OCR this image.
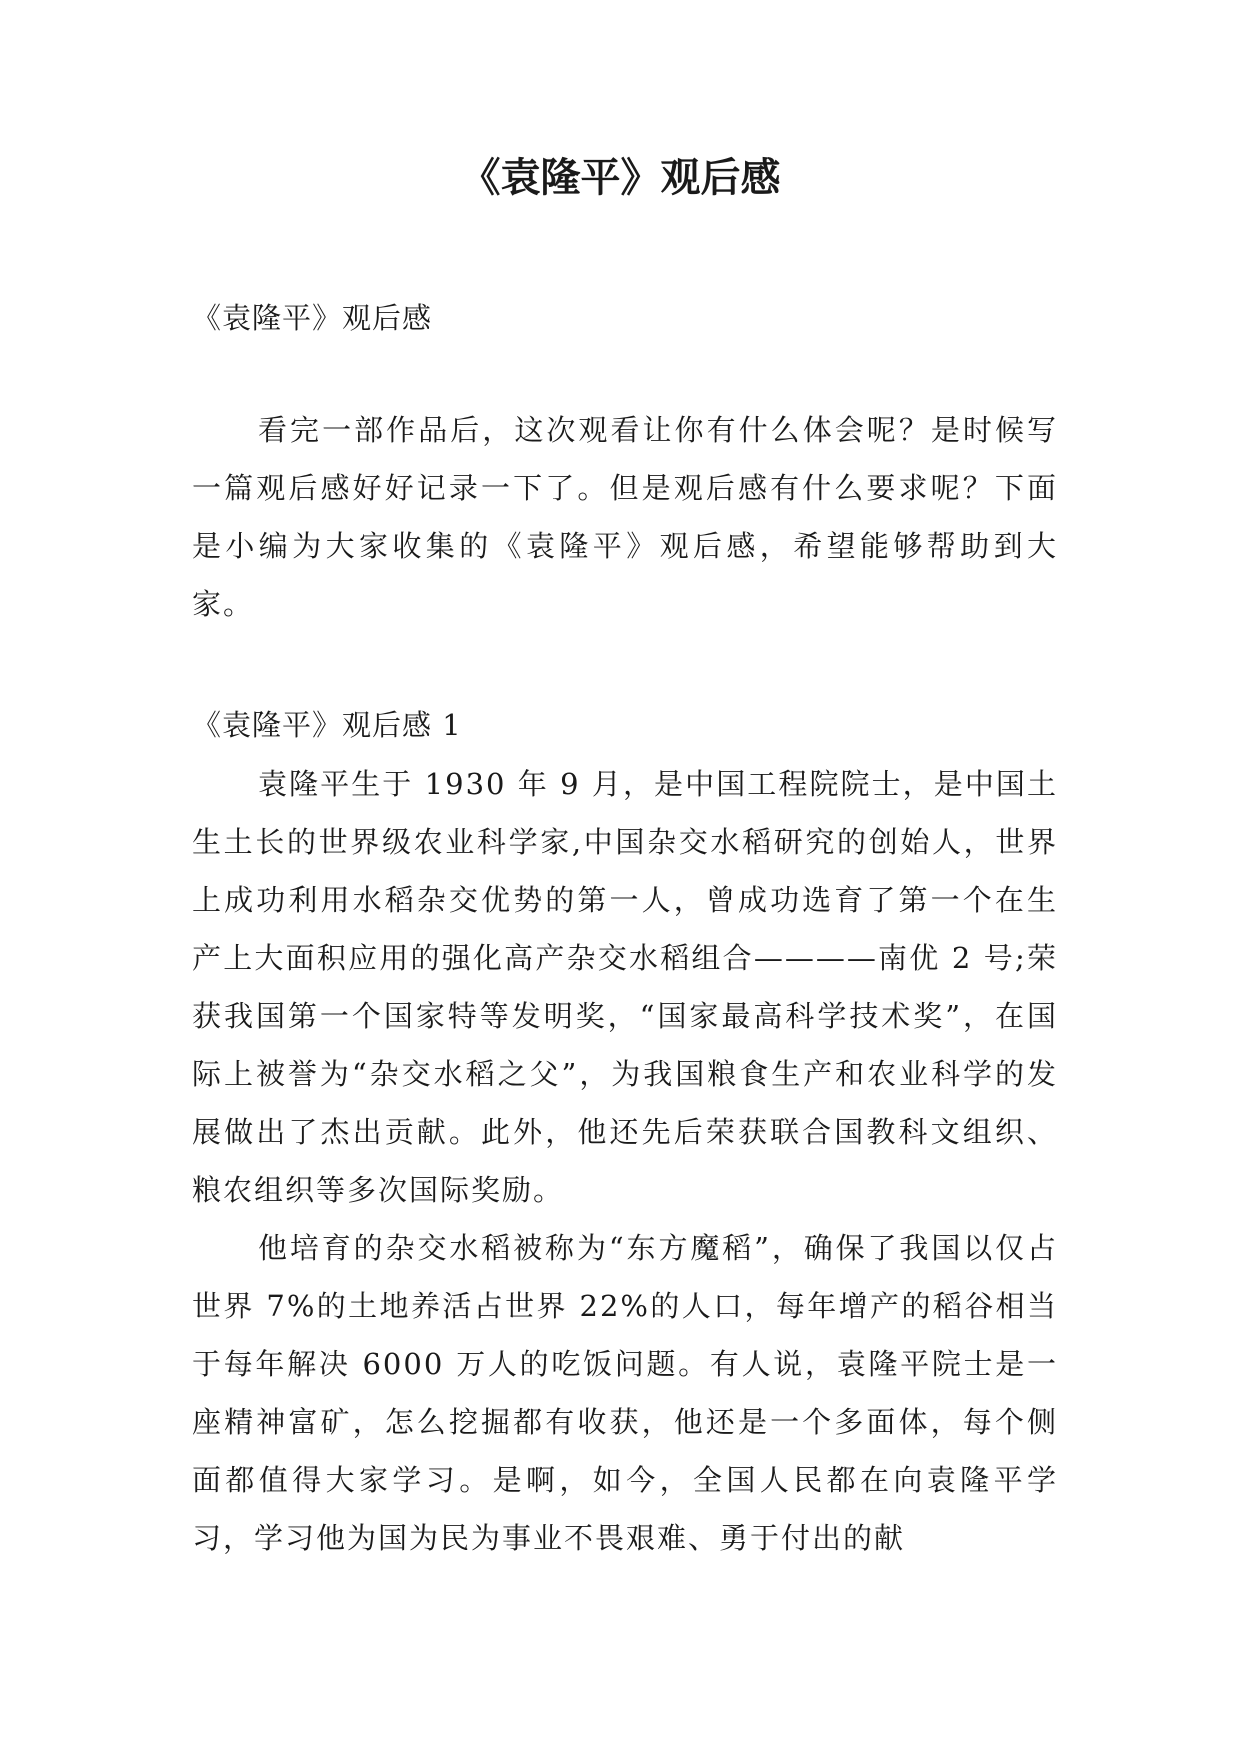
《袁隆平》观后感

《袁隆平》观后感

看完一部作品后，这次观看让你有什么体会呢？是时候写一篇观后感好好记录一下了。但是观后感有什么要求呢？下面是小编为大家收集的《袁隆平》观后感，希望能够帮助到大家。

《袁隆平》观后感 1

袁隆平生于 1930 年 9 月，是中国工程院院士，是中国土生土长的世界级农业科学家,中国杂交水稻研究的创始人，世界上成功利用水稻杂交优势的第一人，曾成功选育了第一个在生产上大面积应用的强化高产杂交水稻组合————南优 2 号;荣获我国第一个国家特等发明奖，“国家最高科学技术奖”，在国际上被誉为“杂交水稻之父”，为我国粮食生产和农业科学的发展做出了杰出贡献。此外，他还先后荣获联合国教科文组织、粮农组织等多次国际奖励。

他培育的杂交水稻被称为“东方魔稻”，确保了我国以仅占世界 7%的土地养活占世界 22%的人口，每年增产的稻谷相当于每年解决 6000 万人的吃饭问题。有人说，袁隆平院士是一座精神富矿，怎么挖掘都有收获，他还是一个多面体，每个侧面都值得大家学习。是啊，如今，全国人民都在向袁隆平学习，学习他为国为民为事业不畏艰难、勇于付出的献
